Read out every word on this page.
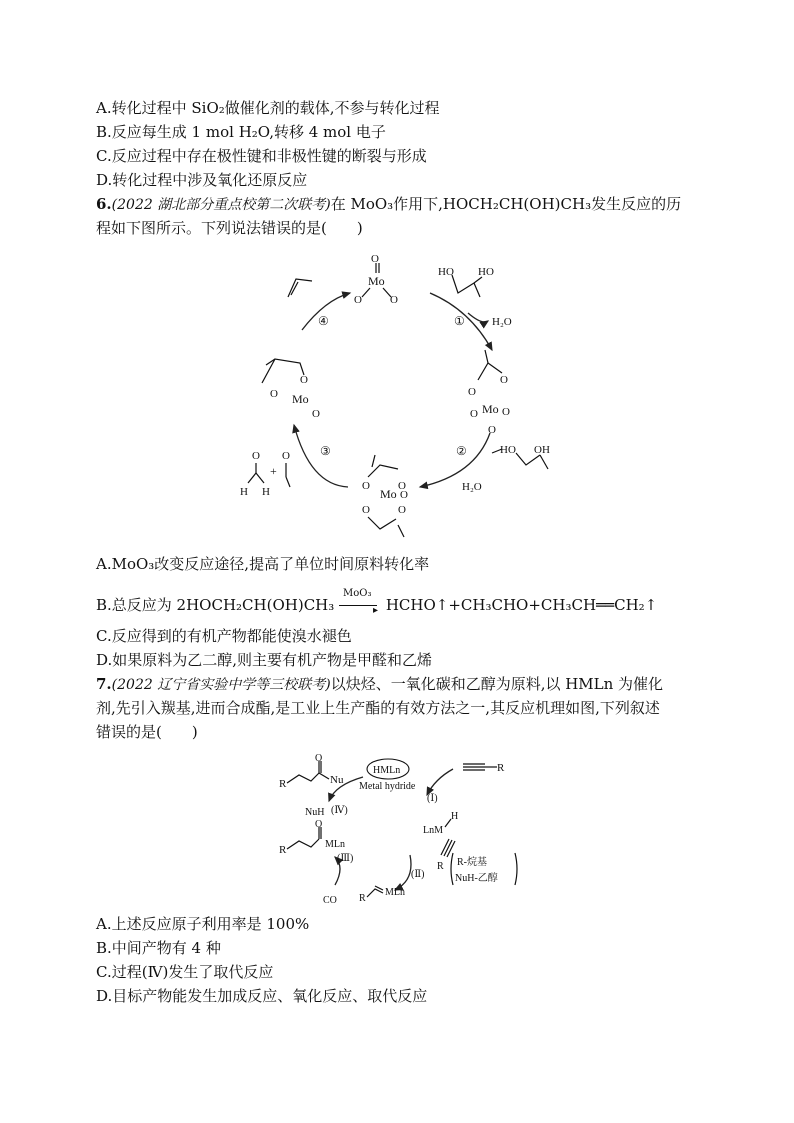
A.转化过程中 SiO₂做催化剂的载体,不参与转化过程
B.反应每生成 1 mol H₂O,转移 4 mol 电子
C.反应过程中存在极性键和非极性键的断裂与形成
D.转化过程中涉及氧化还原反应
6.(2022 湖北部分重点校第二次联考)在 MoO₃作用下,HOCH₂CH(OH)CH₃发生反应的历
程如下图所示。下列说法错误的是(　　)
Mo
O
O	O
HO HO
④	① H₂O
O
O
Mo
O O
O
②	HO OH
H₂O
O	O
Mo O
O	O
③
O
H H
+
O
O
O Mo
O
A.MoO₃改变反应途径,提高了单位时间原料转化率
B.总反应为 2HOCH₂CH(OH)CH₃
MoO₃
▸ HCHO↑+CH₃CHO+CH₃CH══CH₂↑
C.反应得到的有机产物都能使溴水褪色
D.如果原料为乙二醇,则主要有机产物是甲醛和乙烯
7.(2022 辽宁省实验中学等三校联考)以炔烃、一氧化碳和乙醇为原料,以 HMLn 为催化
剂,先引入羰基,进而合成酯,是工业上生产酯的有效方法之一,其反应机理如图,下列叙述
错误的是(　　)
R
O
Nu
HMLn
Metal hydride
R
(Ⅰ)
NuH (Ⅳ)
(Ⅲ)
CO
(Ⅱ)
LnM
H
R R-烷基
NuH-乙醇
R
MLn
R
O
MLn
A.上述反应原子利用率是 100%
B.中间产物有 4 种
C.过程(Ⅳ)发生了取代反应
D.目标产物能发生加成反应、氧化反应、取代反应
